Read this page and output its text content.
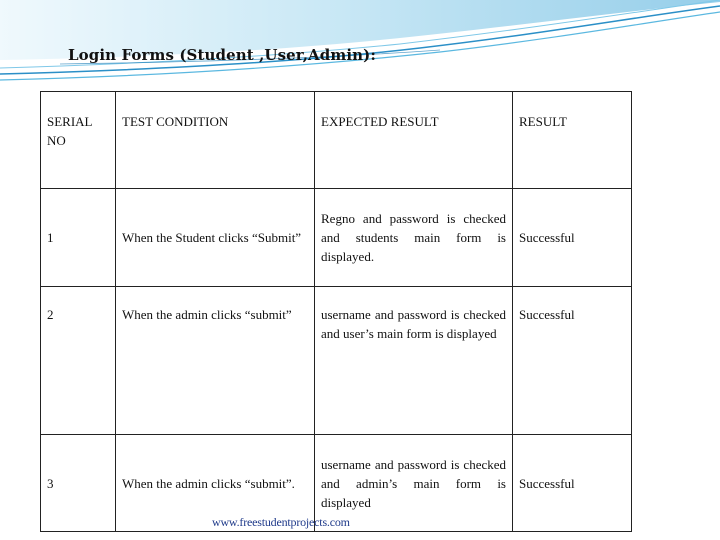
Login Forms (Student ,User,Admin):
SERIAL NO	TEST CONDITION	EXPECTED RESULT	RESULT
1	When the Student clicks “Submit”	Regno and password is checked and students main form is displayed.	Successful
2	When the admin clicks “submit”	username and password is checked and user’s main form is displayed	Successful
3	When the admin clicks “submit”.	username and password is checked and admin’s main form is displayed	Successful
www.freestudentprojects.com
